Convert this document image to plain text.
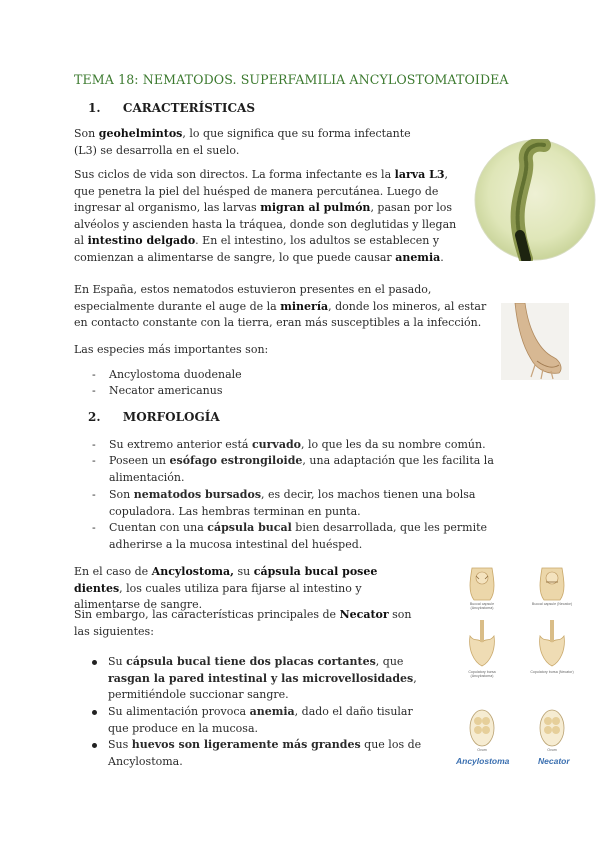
TEMA 18: NEMATODOS. SUPERFAMILIA ANCYLOSTOMATOIDEA
1. CARACTERÍSTICAS
Son geohelmintos, lo que significa que su forma infectante (L3) se desarrolla en el suelo.
Sus ciclos de vida son directos. La forma infectante es la larva L3, que penetra la piel del huésped de manera percutánea. Luego de ingresar al organismo, las larvas migran al pulmón, pasan por los alvéolos y ascienden hasta la tráquea, donde son deglutidas y llegan al intestino delgado. En el intestino, los adultos se establecen y comienzan a alimentarse de sangre, lo que puede causar anemia.
En España, estos nematodos estuvieron presentes en el pasado, especialmente durante el auge de la minería, donde los mineros, al estar en contacto constante con la tierra, eran más susceptibles a la infección.
Las especies más importantes son:
- Ancylostoma duodenale
- Necator americanus
2. MORFOLOGÍA
- Su extremo anterior está curvado, lo que les da su nombre común.
- Poseen un esófago estrongiloide, una adaptación que les facilita la alimentación.
- Son nematodos bursados, es decir, los machos tienen una bolsa copuladora. Las hembras terminan en punta.
- Cuentan con una cápsula bucal bien desarrollada, que les permite adherirse a la mucosa intestinal del huésped.
En el caso de Ancylostoma, su cápsula bucal posee dientes, los cuales utiliza para fijarse al intestino y alimentarse de sangre.
Sin embargo, las características principales de Necator son las siguientes:
Su cápsula bucal tiene dos placas cortantes, que rasgan la pared intestinal y las microvellosidades, permitiéndole succionar sangre.
Su alimentación provoca anemia, dado el daño tisular que produce en la mucosa.
Sus huevos son ligeramente más grandes que los de Ancylostoma.
Buccal capsule (Ancylostoma)
Buccal capsule (Necator)
Copulatory bursa (Ancylostoma)
Copulatory bursa (Necator)
Ovum	Ovum
Ancylostoma	Necator
